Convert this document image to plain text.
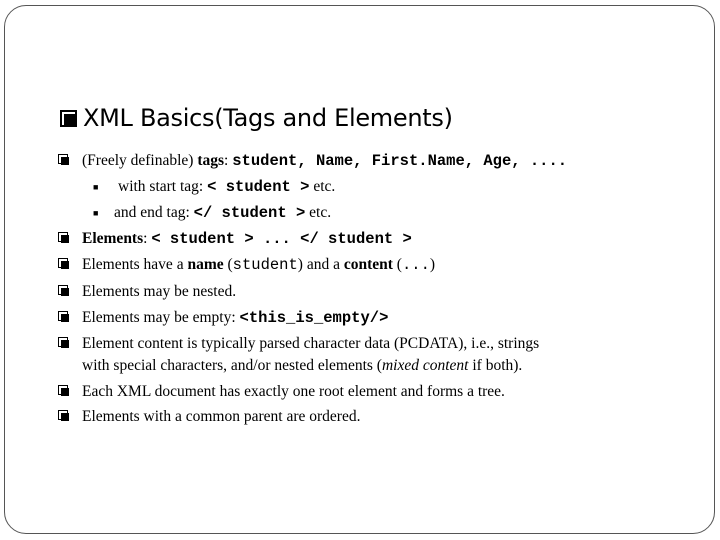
XML Basics(Tags and Elements)
(Freely definable) tags: student, Name, First.Name, Age, ....
■ with start tag: < student > etc.
■ and end tag: </ student > etc.
Elements: < student > ... </ student >
Elements have a name (student) and a content (...)
Elements may be nested.
Elements may be empty: <this_is_empty/>
Element content is typically parsed character data (PCDATA), i.e., strings
with special characters, and/or nested elements (mixed content if both).
Each XML document has exactly one root element and forms a tree.
Elements with a common parent are ordered.
